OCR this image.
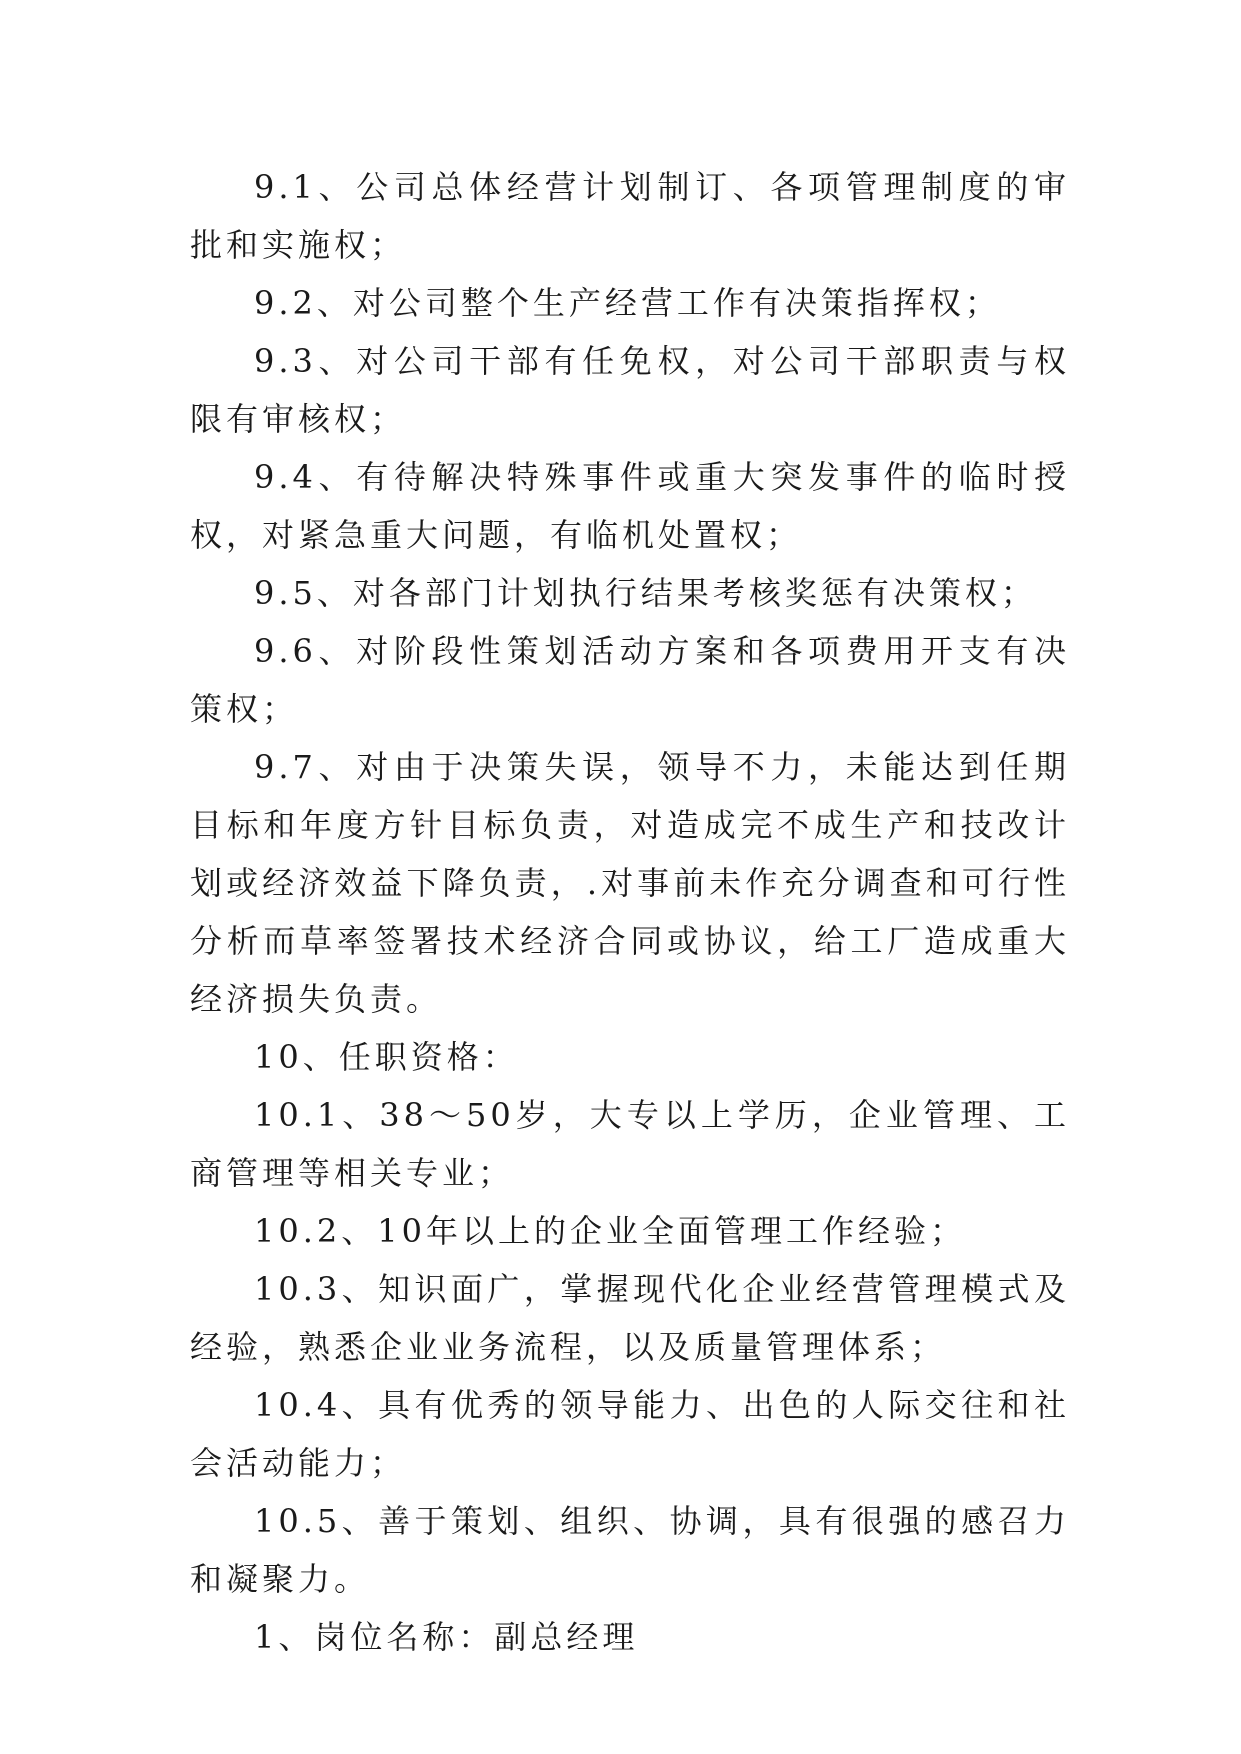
9.1、公司总体经营计划制订、各项管理制度的审批和实施权；

9.2、对公司整个生产经营工作有决策指挥权；

9.3、对公司干部有任免权，对公司干部职责与权限有审核权；

9.4、有待解决特殊事件或重大突发事件的临时授权，对紧急重大问题，有临机处置权；

9.5、对各部门计划执行结果考核奖惩有决策权；

9.6、对阶段性策划活动方案和各项费用开支有决策权；

9.7、对由于决策失误，领导不力，未能达到任期目标和年度方针目标负责，对造成完不成生产和技改计划或经济效益下降负责，.对事前未作充分调查和可行性分析而草率签署技术经济合同或协议，给工厂造成重大经济损失负责。

10、任职资格：

10.1、38～50岁，大专以上学历，企业管理、工商管理等相关专业；

10.2、10年以上的企业全面管理工作经验；

10.3、知识面广，掌握现代化企业经营管理模式及经验，熟悉企业业务流程，以及质量管理体系；

10.4、具有优秀的领导能力、出色的人际交往和社会活动能力；

10.5、善于策划、组织、协调，具有很强的感召力和凝聚力。

1、岗位名称：副总经理
